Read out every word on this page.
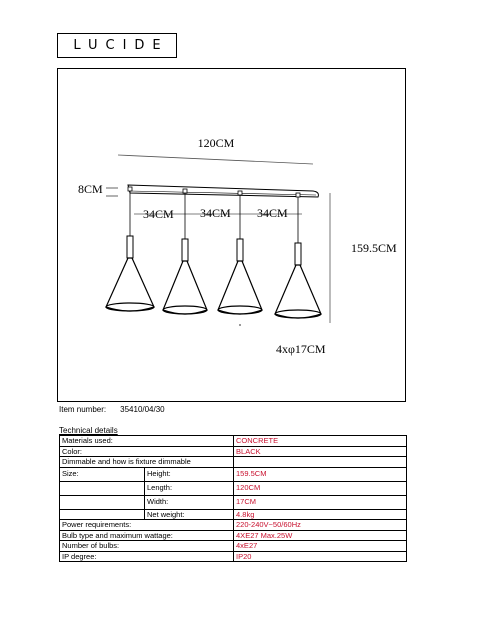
LUCIDE
120CM
8CM
159.5CM
34CM 34CM 34CM
4xφ17CM
Item number: 35410/04/30
Technical details
Materials used:		CONCRETE
Color:		BLACK
Dimmable and how is fixture dimmable		
Size:	Height:	159.5CM
	Length:	120CM
	Width:	17CM
	Net weight:	4.8kg
Power requirements:		220-240V~50/60Hz
Bulb type and maximum wattage:		4XE27 Max.25W
Number of bulbs:		4xE27
IP degree:		IP20
